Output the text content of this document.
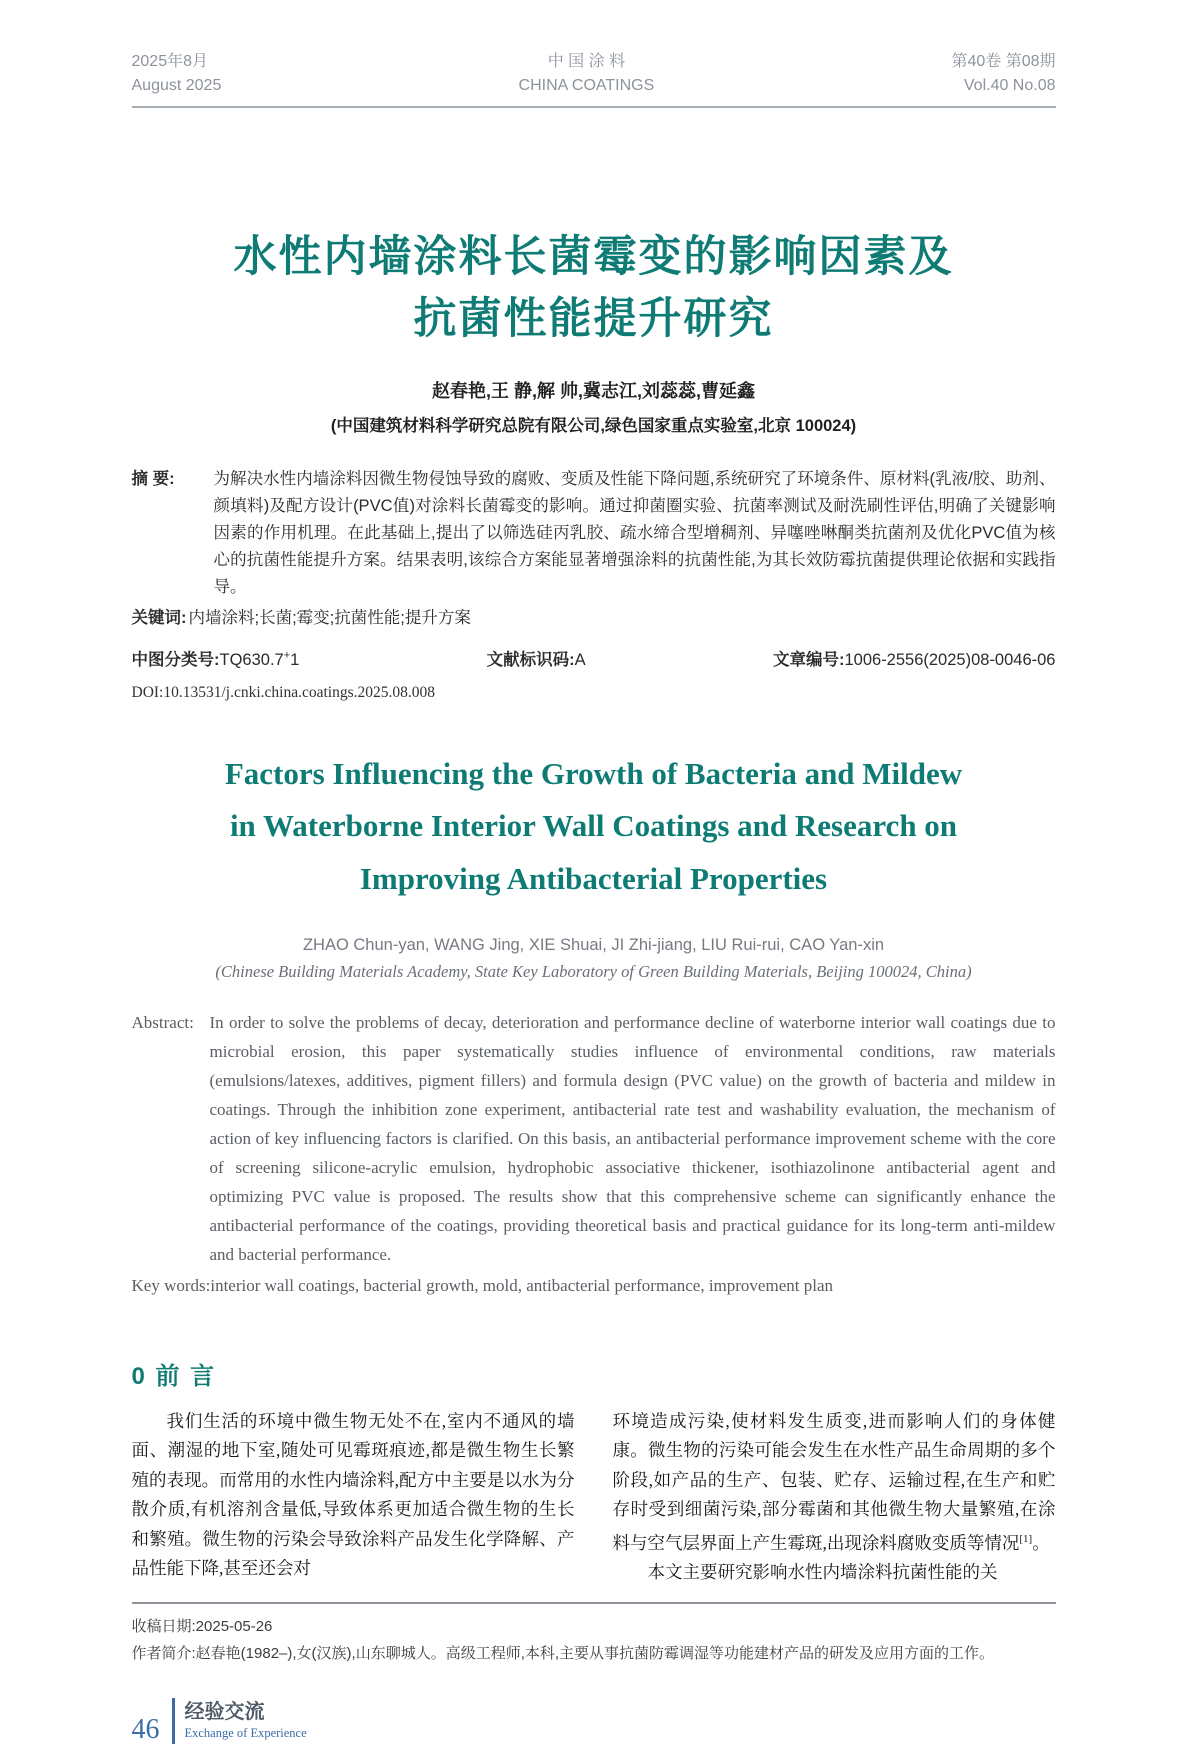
2025年8月
August 2025
中 国 涂 料
CHINA COATINGS
第40卷 第08期
Vol.40 No.08
水性内墙涂料长菌霉变的影响因素及
抗菌性能提升研究
赵春艳,王 静,解 帅,冀志江,刘蕊蕊,曹延鑫
(中国建筑材料科学研究总院有限公司,绿色国家重点实验室,北京 100024)
摘 要:	为解决水性内墙涂料因微生物侵蚀导致的腐败、变质及性能下降问题,系统研究了环境条件、原材料(乳液/胶、助剂、颜填料)及配方设计(PVC值)对涂料长菌霉变的影响。通过抑菌圈实验、抗菌率测试及耐洗刷性评估,明确了关键影响因素的作用机理。在此基础上,提出了以筛选硅丙乳胶、疏水缔合型增稠剂、异噻唑啉酮类抗菌剂及优化PVC值为核心的抗菌性能提升方案。结果表明,该综合方案能显著增强涂料的抗菌性能,为其长效防霉抗菌提供理论依据和实践指导。
关键词: 内墙涂料;长菌;霉变;抗菌性能;提升方案
中图分类号:TQ630.7+1	文献标识码:A	文章编号:1006-2556(2025)08-0046-06
DOI:10.13531/j.cnki.china.coatings.2025.08.008
Factors Influencing the Growth of Bacteria and Mildew
in Waterborne Interior Wall Coatings and Research on
Improving Antibacterial Properties
ZHAO Chun-yan, WANG Jing, XIE Shuai, JI Zhi-jiang, LIU Rui-rui, CAO Yan-xin
(Chinese Building Materials Academy, State Key Laboratory of Green Building Materials, Beijing 100024, China)
Abstract: In order to solve the problems of decay, deterioration and performance decline of waterborne interior wall coatings due to microbial erosion, this paper systematically studies influence of environmental conditions, raw materials (emulsions/latexes, additives, pigment fillers) and formula design (PVC value) on the growth of bacteria and mildew in coatings. Through the inhibition zone experiment, antibacterial rate test and washability evaluation, the mechanism of action of key influencing factors is clarified. On this basis, an antibacterial performance improvement scheme with the core of screening silicone-acrylic emulsion, hydrophobic associative thickener, isothiazolinone antibacterial agent and optimizing PVC value is proposed. The results show that this comprehensive scheme can significantly enhance the antibacterial performance of the coatings, providing theoretical basis and practical guidance for its long-term anti-mildew and bacterial performance.
Key words: interior wall coatings, bacterial growth, mold, antibacterial performance, improvement plan
0 前 言

我们生活的环境中微生物无处不在,室内不通风的墙面、潮湿的地下室,随处可见霉斑痕迹,都是微生物生长繁殖的表现。而常用的水性内墙涂料,配方中主要是以水为分散介质,有机溶剂含量低,导致体系更加适合微生物的生长和繁殖。微生物的污染会导致涂料产品发生化学降解、产品性能下降,甚至还会对

环境造成污染,使材料发生质变,进而影响人们的身体健康。微生物的污染可能会发生在水性产品生命周期的多个阶段,如产品的生产、包装、贮存、运输过程,在生产和贮存时受到细菌污染,部分霉菌和其他微生物大量繁殖,在涂料与空气层界面上产生霉斑,出现涂料腐败变质等情况[1]。

本文主要研究影响水性内墙涂料抗菌性能的关

收稿日期:2025-05-26
作者简介:赵春艳(1982–),女(汉族),山东聊城人。高级工程师,本科,主要从事抗菌防霉调湿等功能建材产品的研发及应用方面的工作。
46
经验交流
Exchange of Experience
